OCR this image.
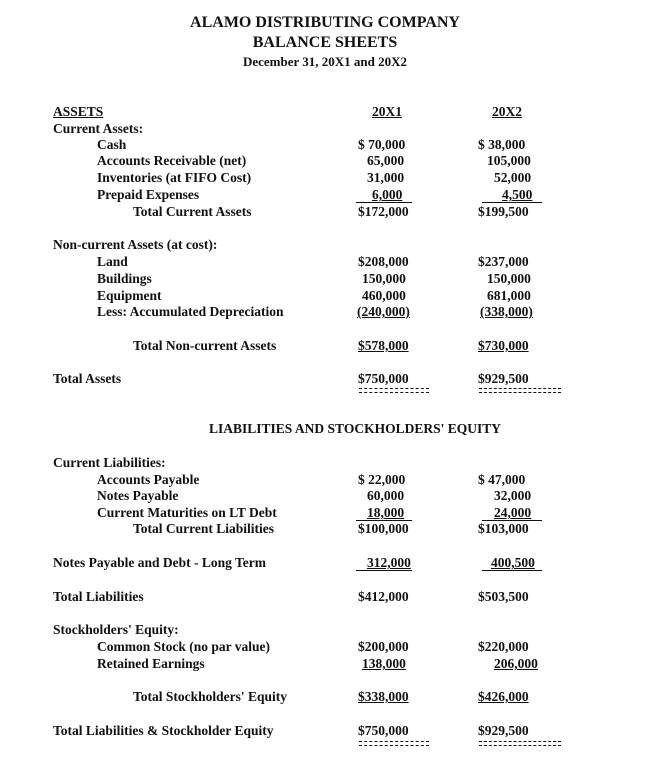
ALAMO DISTRIBUTING COMPANY
BALANCE SHEETS
December 31, 20X1 and 20X2
ASSETS	20X1	20X2
Current Assets:
Cash	$ 70,000	$ 38,000
Accounts Receivable (net)	65,000	105,000
Inventories (at FIFO Cost)	31,000	52,000
Prepaid Expenses	6,000	4,500
Total Current Assets	$172,000	$199,500
Non-current Assets (at cost):
Land	$208,000	$237,000
Buildings	150,000	150,000
Equipment	460,000	681,000
Less: Accumulated Depreciation	(240,000)	(338,000)
Total Non-current Assets	$578,000	$730,000
Total Assets	$750,000	$929,500
LIABILITIES AND STOCKHOLDERS' EQUITY
Current Liabilities:
Accounts Payable	$ 22,000	$ 47,000
Notes Payable	60,000	32,000
Current Maturities on LT Debt	18,000	24,000
Total Current Liabilities	$100,000	$103,000
Notes Payable and Debt - Long Term	312,000	400,500
Total Liabilities	$412,000	$503,500
Stockholders' Equity:
Common Stock (no par value)	$200,000	$220,000
Retained Earnings	138,000	206,000
Total Stockholders' Equity	$338,000	$426,000
Total Liabilities & Stockholder Equity	$750,000	$929,500
